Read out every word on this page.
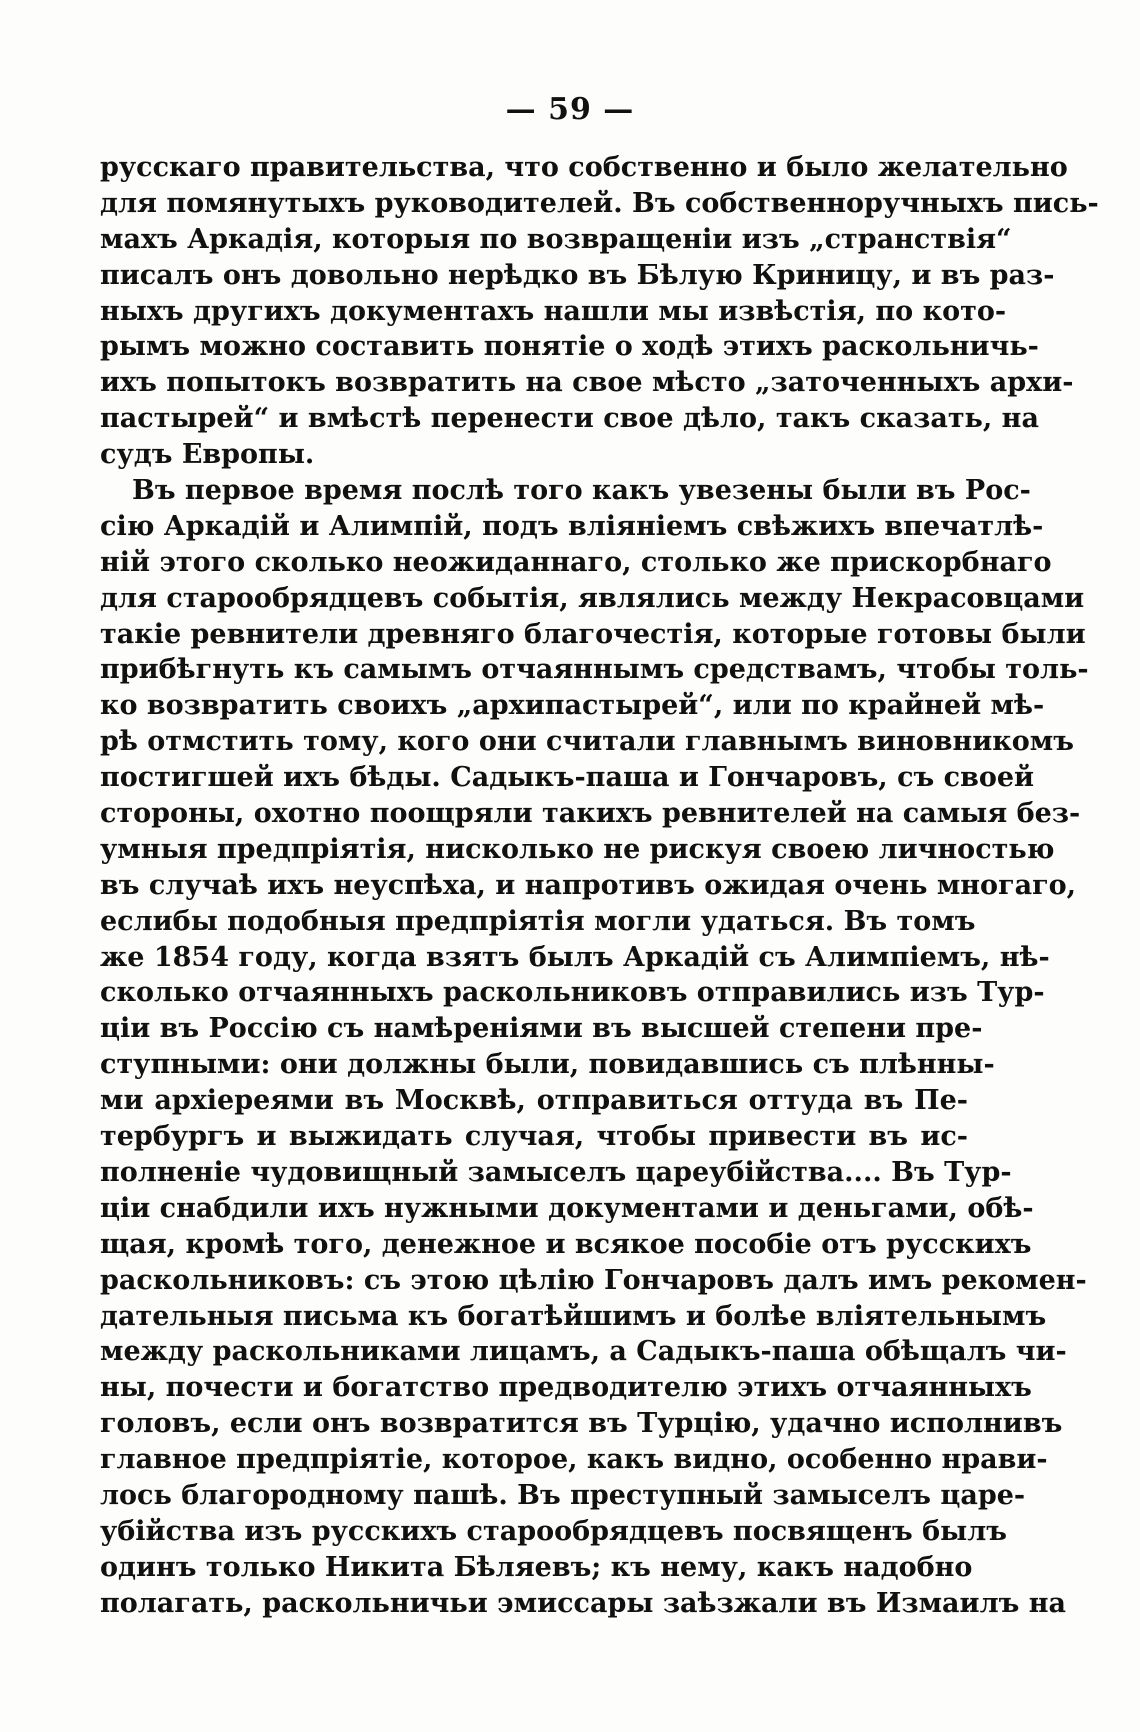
— 59 —
русскаго правительства, что собственно и было желательно
для помянутыхъ руководителей. Въ собственноручныхъ пись-
махъ Аркадія, которыя по возвращеніи изъ „странствія“
писалъ онъ довольно нерѣдко въ Бѣлую Криницу, и въ раз-
ныхъ другихъ документахъ нашли мы извѣстія, по кото-
рымъ можно составить понятіе о ходѣ этихъ раскольничь-
ихъ попытокъ возвратить на свое мѣсто „заточенныхъ архи-
пастырей“ и вмѣстѣ перенести свое дѣло, такъ сказать, на
судъ Европы.
Въ первое время послѣ того какъ увезены были въ Рос-
сію Аркадій и Алимпій, подъ вліяніемъ свѣжихъ впечатлѣ-
ній этого сколько неожиданнаго, столько же прискорбнаго
для старообрядцевъ событія, являлись между Некрасовцами
такіе ревнители древняго благочестія, которые готовы были
прибѣгнуть къ самымъ отчаяннымъ средствамъ, чтобы толь-
ко возвратить своихъ „архипастырей“, или по крайней мѣ-
рѣ отмстить тому, кого они считали главнымъ виновникомъ
постигшей ихъ бѣды. Садыкъ-паша и Гончаровъ, съ своей
стороны, охотно поощряли такихъ ревнителей на самыя без-
умныя предпріятія, нисколько не рискуя своею личностью
въ случаѣ ихъ неуспѣха, и напротивъ ожидая очень многаго,
еслибы подобныя предпріятія могли удаться. Въ томъ
же 1854 году, когда взятъ былъ Аркадій съ Алимпіемъ, нѣ-
сколько отчаянныхъ раскольниковъ отправились изъ Тур-
ціи въ Россію съ намѣреніями въ высшей степени пре-
ступными: они должны были, повидавшись съ плѣнны-
ми архіереями въ Москвѣ, отправиться оттуда въ Пе-
тербургъ и выжидать случая, чтобы привести въ ис-
полненіе чудовищный замыселъ цареубійства.... Въ Тур-
ціи снабдили ихъ нужными документами и деньгами, обѣ-
щая, кромѣ того, денежное и всякое пособіе отъ русскихъ
раскольниковъ: съ этою цѣлію Гончаровъ далъ имъ рекомен-
дательныя письма къ богатѣйшимъ и болѣе вліятельнымъ
между раскольниками лицамъ, а Садыкъ-паша обѣщалъ чи-
ны, почести и богатство предводителю этихъ отчаянныхъ
головъ, если онъ возвратится въ Турцію, удачно исполнивъ
главное предпріятіе, которое, какъ видно, особенно нрави-
лось благородному пашѣ. Въ преступный замыселъ царе-
убійства изъ русскихъ старообрядцевъ посвященъ былъ
одинъ только Никита Бѣляевъ; къ нему, какъ надобно
полагать, раскольничьи эмиссары заѣзжали въ Измаилъ на
